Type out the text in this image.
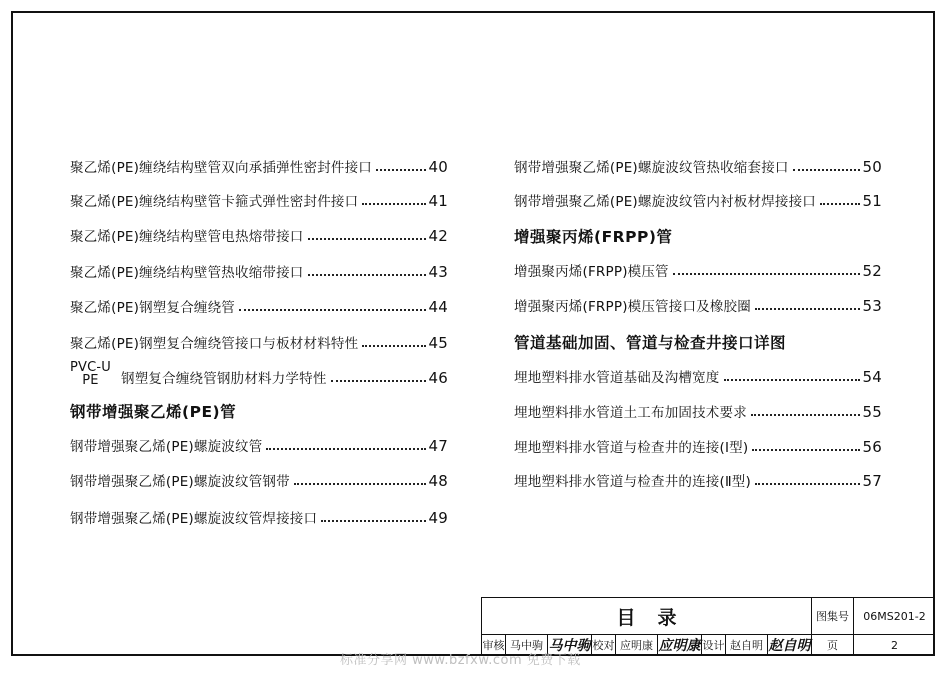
聚乙烯(PE)缠绕结构壁管双向承插弹性密封件接口	40
聚乙烯(PE)缠绕结构壁管卡箍式弹性密封件接口	41
聚乙烯(PE)缠绕结构壁管电热熔带接口	42
聚乙烯(PE)缠绕结构壁管热收缩带接口	43
聚乙烯(PE)钢塑复合缠绕管	44
聚乙烯(PE)钢塑复合缠绕管接口与板材材料特性	45
PVC-U
PE 钢塑复合缠绕管钢肋材料力学特性	46
钢带增强聚乙烯(PE)管
钢带增强聚乙烯(PE)螺旋波纹管	47
钢带增强聚乙烯(PE)螺旋波纹管钢带	48
钢带增强聚乙烯(PE)螺旋波纹管焊接接口	49
钢带增强聚乙烯(PE)螺旋波纹管热收缩套接口	50
钢带增强聚乙烯(PE)螺旋波纹管内衬板材焊接接口	51
增强聚丙烯(FRPP)管
增强聚丙烯(FRPP)模压管	52
增强聚丙烯(FRPP)模压管接口及橡胶圈	53
管道基础加固、管道与检查井接口详图
埋地塑料排水管道基础及沟槽宽度	54
埋地塑料排水管道土工布加固技术要求	55
埋地塑料排水管道与检查井的连接(Ⅰ型)	56
埋地塑料排水管道与检查井的连接(Ⅱ型)	57
目录	图集号	06MS201-2
审核 马中驹 马中驹 校对 应明康 应明康 设计 赵自明 赵自明	页	2
标准分享网 www.bzfxw.com 免费下载
